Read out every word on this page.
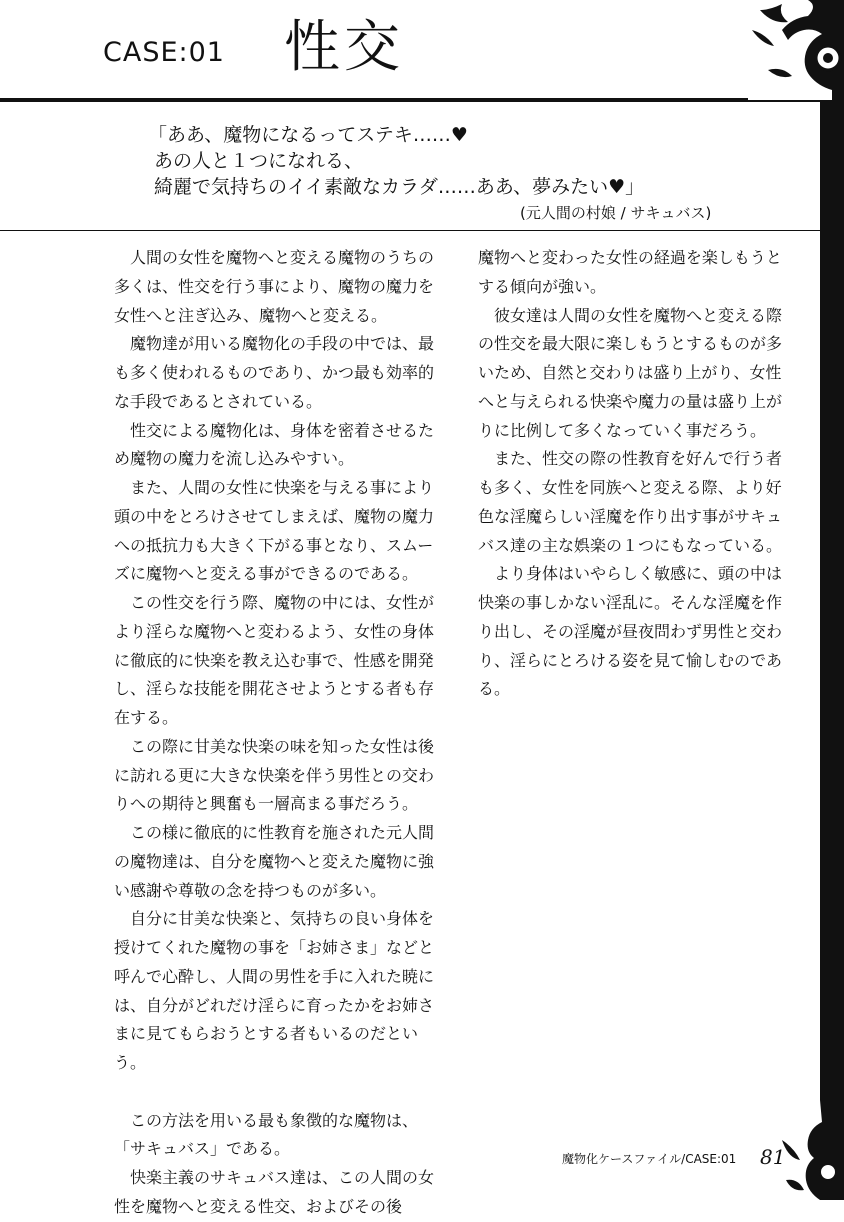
CASE:01 性交
「ああ、魔物になるってステキ……♥
あの人と１つになれる、
綺麗で気持ちのイイ素敵なカラダ……ああ、夢みたい♥」
(元人間の村娘 / サキュバス)

　人間の女性を魔物へと変える魔物のうちの多くは、性交を行う事により、魔物の魔力を女性へと注ぎ込み、魔物へと変える。

　魔物達が用いる魔物化の手段の中では、最も多く使われるものであり、かつ最も効率的な手段であるとされている。

　性交による魔物化は、身体を密着させるため魔物の魔力を流し込みやすい。

　また、人間の女性に快楽を与える事により頭の中をとろけさせてしまえば、魔物の魔力への抵抗力も大きく下がる事となり、スムーズに魔物へと変える事ができるのである。

　この性交を行う際、魔物の中には、女性がより淫らな魔物へと変わるよう、女性の身体に徹底的に快楽を教え込む事で、性感を開発し、淫らな技能を開花させようとする者も存在する。

　この際に甘美な快楽の味を知った女性は後に訪れる更に大きな快楽を伴う男性との交わりへの期待と興奮も一層高まる事だろう。

　この様に徹底的に性教育を施された元人間の魔物達は、自分を魔物へと変えた魔物に強い感謝や尊敬の念を持つものが多い。

　自分に甘美な快楽と、気持ちの良い身体を授けてくれた魔物の事を「お姉さま」などと呼んで心酔し、人間の男性を手に入れた暁には、自分がどれだけ淫らに育ったかをお姉さまに見てもらおうとする者もいるのだという。

　この方法を用いる最も象徴的な魔物は、「サキュバス」である。

　快楽主義のサキュバス達は、この人間の女性を魔物へと変える性交、およびその後

魔物へと変わった女性の経過を楽しもうとする傾向が強い。

　彼女達は人間の女性を魔物へと変える際の性交を最大限に楽しもうとするものが多いため、自然と交わりは盛り上がり、女性へと与えられる快楽や魔力の量は盛り上がりに比例して多くなっていく事だろう。

　また、性交の際の性教育を好んで行う者も多く、女性を同族へと変える際、より好色な淫魔らしい淫魔を作り出す事がサキュバス達の主な娯楽の１つにもなっている。

　より身体はいやらしく敏感に、頭の中は快楽の事しかない淫乱に。そんな淫魔を作り出し、その淫魔が昼夜問わず男性と交わり、淫らにとろける姿を見て愉しむのである。

魔物化ケースファイル/CASE:01 81
